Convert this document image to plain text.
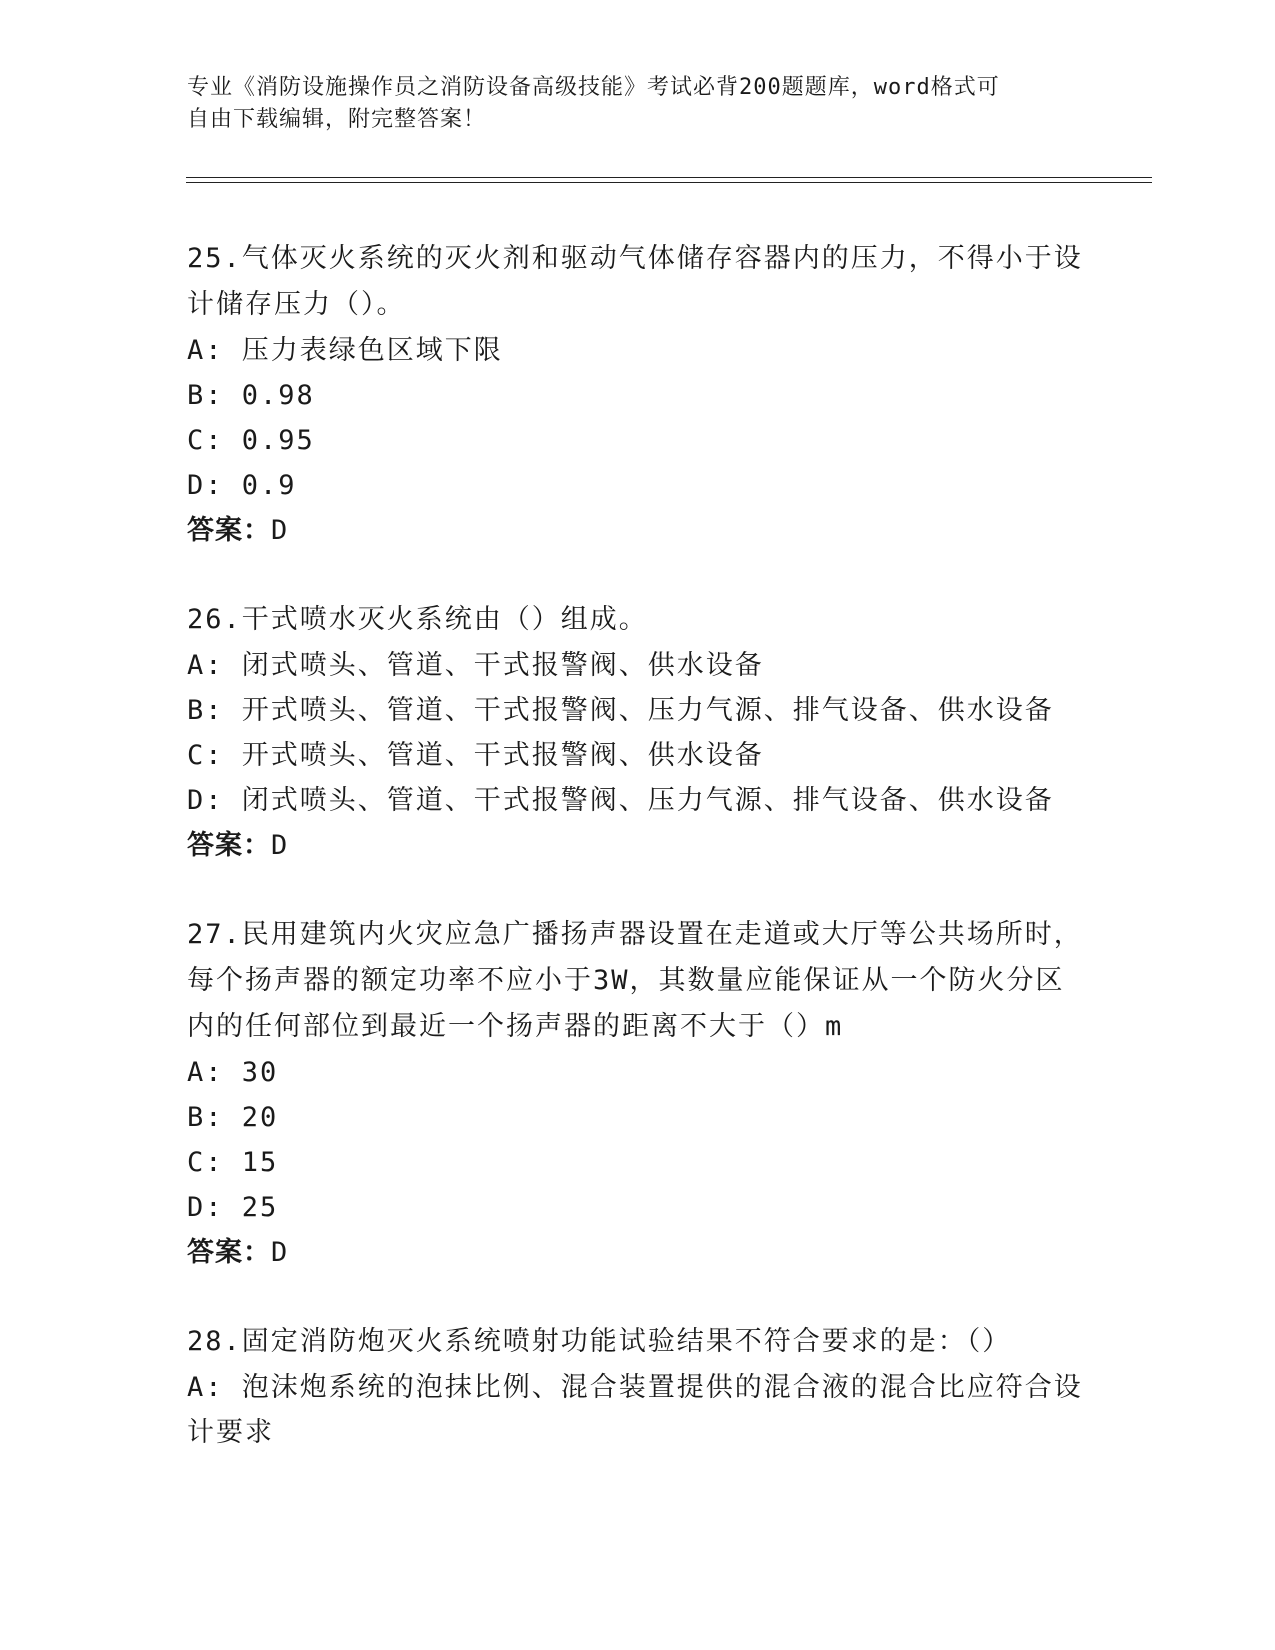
专业《消防设施操作员之消防设备高级技能》考试必背200题题库，word格式可
自由下载编辑，附完整答案！

25.气体灭火系统的灭火剂和驱动气体储存容器内的压力，不得小于设

计储存压力（）。

A: 压力表绿色区域下限

B: 0.98

C: 0.95

D: 0.9

答案：D

26.干式喷水灭火系统由（）组成。

A: 闭式喷头、管道、干式报警阀、供水设备

B: 开式喷头、管道、干式报警阀、压力气源、排气设备、供水设备

C: 开式喷头、管道、干式报警阀、供水设备

D: 闭式喷头、管道、干式报警阀、压力气源、排气设备、供水设备

答案：D

27.民用建筑内火灾应急广播扬声器设置在走道或大厅等公共场所时，

每个扬声器的额定功率不应小于3W，其数量应能保证从一个防火分区

内的任何部位到最近一个扬声器的距离不大于（）m

A: 30

B: 20

C: 15

D: 25

答案：D

28.固定消防炮灭火系统喷射功能试验结果不符合要求的是：（）

A: 泡沫炮系统的泡抹比例、混合装置提供的混合液的混合比应符合设

计要求
